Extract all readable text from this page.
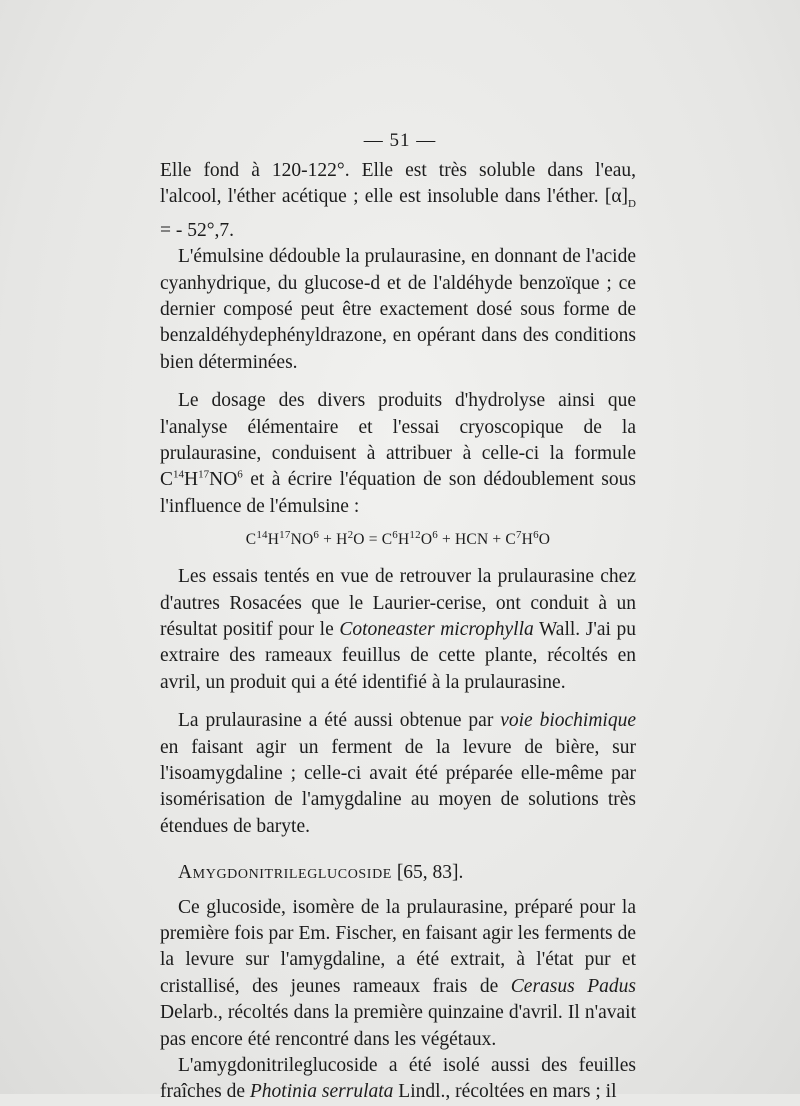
— 51 —

Elle fond à 120-122°. Elle est très soluble dans l'eau, l'alcool, l'éther acétique ; elle est insoluble dans l'éther. $[\alpha]_D$ = - 52°,7.

L'émulsine dédouble la prulaurasine, en donnant de l'acide cyanhydrique, du glucose-d et de l'aldéhyde benzoïque ; ce dernier composé peut être exactement dosé sous forme de benzaldéhydephényldrazone, en opérant dans des conditions bien déterminées.

Le dosage des divers produits d'hydrolyse ainsi que l'analyse élémentaire et l'essai cryoscopique de la prulaurasine, conduisent à attribuer à celle-ci la formule $C^{14}H^{17}NO^6$ et à écrire l'équation de son dédoublement sous l'influence de l'émulsine :

$C^{14}H^{17}NO^6 + H^2O = C^6H^{12}O^6$ + HCN + $C^7H^6O$

Les essais tentés en vue de retrouver la prulaurasine chez d'autres Rosacées que le Laurier-cerise, ont conduit à un résultat positif pour le Cotoneaster microphylla Wall. J'ai pu extraire des rameaux feuillus de cette plante, récoltés en avril, un produit qui a été identifié à la prulaurasine.

La prulaurasine a été aussi obtenue par voie biochimique en faisant agir un ferment de la levure de bière, sur l'isoamygdaline ; celle-ci avait été préparée elle-même par isomérisation de l'amygdaline au moyen de solutions très étendues de baryte.

Amygdonitrileglucoside [65, 83].

Ce glucoside, isomère de la prulaurasine, préparé pour la première fois par Em. Fischer, en faisant agir les ferments de la levure sur l'amygdaline, a été extrait, à l'état pur et cristallisé, des jeunes rameaux frais de Cerasus Padus Delarb., récoltés dans la première quinzaine d'avril. Il n'avait pas encore été rencontré dans les végétaux.

L'amygdonitrileglucoside a été isolé aussi des feuilles fraîches de Photinia serrulata Lindl., récoltées en mars ; il
